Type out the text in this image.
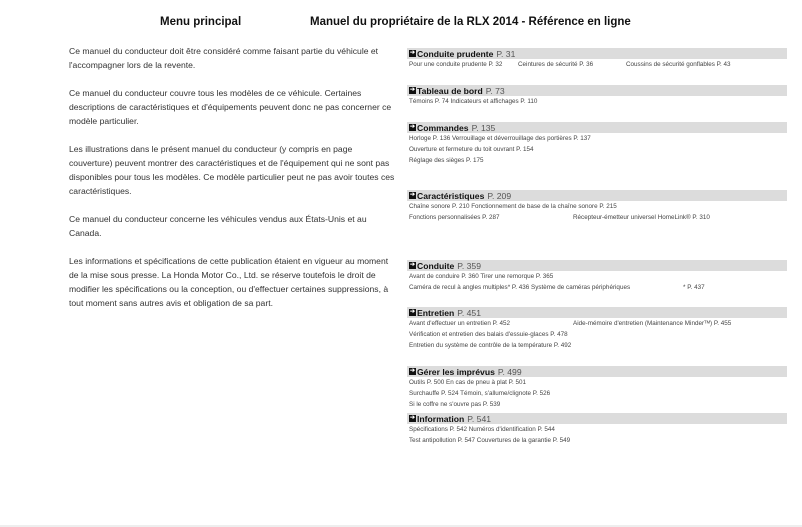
Menu principal	Manuel du propriétaire de la RLX 2014 - Référence en ligne

Ce manuel du conducteur doit être considéré comme faisant partie du véhicule et l'accompagner lors de la revente.

Ce manuel du conducteur couvre tous les modèles de ce véhicule. Certaines descriptions de caractéristiques et d'équipements peuvent donc ne pas concerner ce modèle particulier.

Les illustrations dans le présent manuel du conducteur (y compris en page couverture) peuvent montrer des caractéristiques et de l'équipement qui ne sont pas disponibles pour tous les modèles. Ce modèle particulier peut ne pas avoir toutes ces caractéristiques.

Ce manuel du conducteur concerne les véhicules vendus aux États-Unis et au Canada.

Les informations et spécifications de cette publication étaient en vigueur au moment de la mise sous presse. La Honda Motor Co., Ltd. se réserve toutefois le droit de modifier les spécifications ou la conception, ou d'effectuer certaines suppressions, à tout moment sans autres avis et obligation de sa part.

➔ Conduite prudente P. 31
Pour une conduite prudente P. 32 Ceintures de sécurité P. 36	Coussins de sécurité gonflables P. 43
➔ Tableau de bord P. 73
Témoins P. 74 Indicateurs et affichages P. 110
➔ Commandes P. 135
Horloge P. 136 Verrouillage et déverrouillage des portières P. 137
Ouverture et fermeture du toit ouvrant P. 154
Réglage des sièges P. 175
➔ Caractéristiques P. 209
Chaîne sonore P. 210 Fonctionnement de base de la chaîne sonore P. 215
Fonctions personnalisées P. 287	Récepteur-émetteur universel HomeLink® P. 310
➔ Conduite P. 359
Avant de conduire P. 360 Tirer une remorque P. 365
Caméra de recul à angles multiples* P. 436 Système de caméras périphériques	* P. 437
➔ Entretien P. 451
Avant d'effectuer un entretien P. 452	Aide-mémoire d'entretien (Maintenance Minderᵀᴹ) P. 455
Vérification et entretien des balais d'essuie-glaces P. 478
Entretien du système de contrôle de la température P. 492
➔ Gérer les imprévus P. 499
Outils P. 500 En cas de pneu à plat P. 501
Surchauffe P. 524 Témoin, s'allume/clignote P. 526
Si le coffre ne s'ouvre pas P. 539
➔ Information P. 541
Spécifications P. 542 Numéros d'identification P. 544
Test antipollution P. 547 Couvertures de la garantie P. 549
